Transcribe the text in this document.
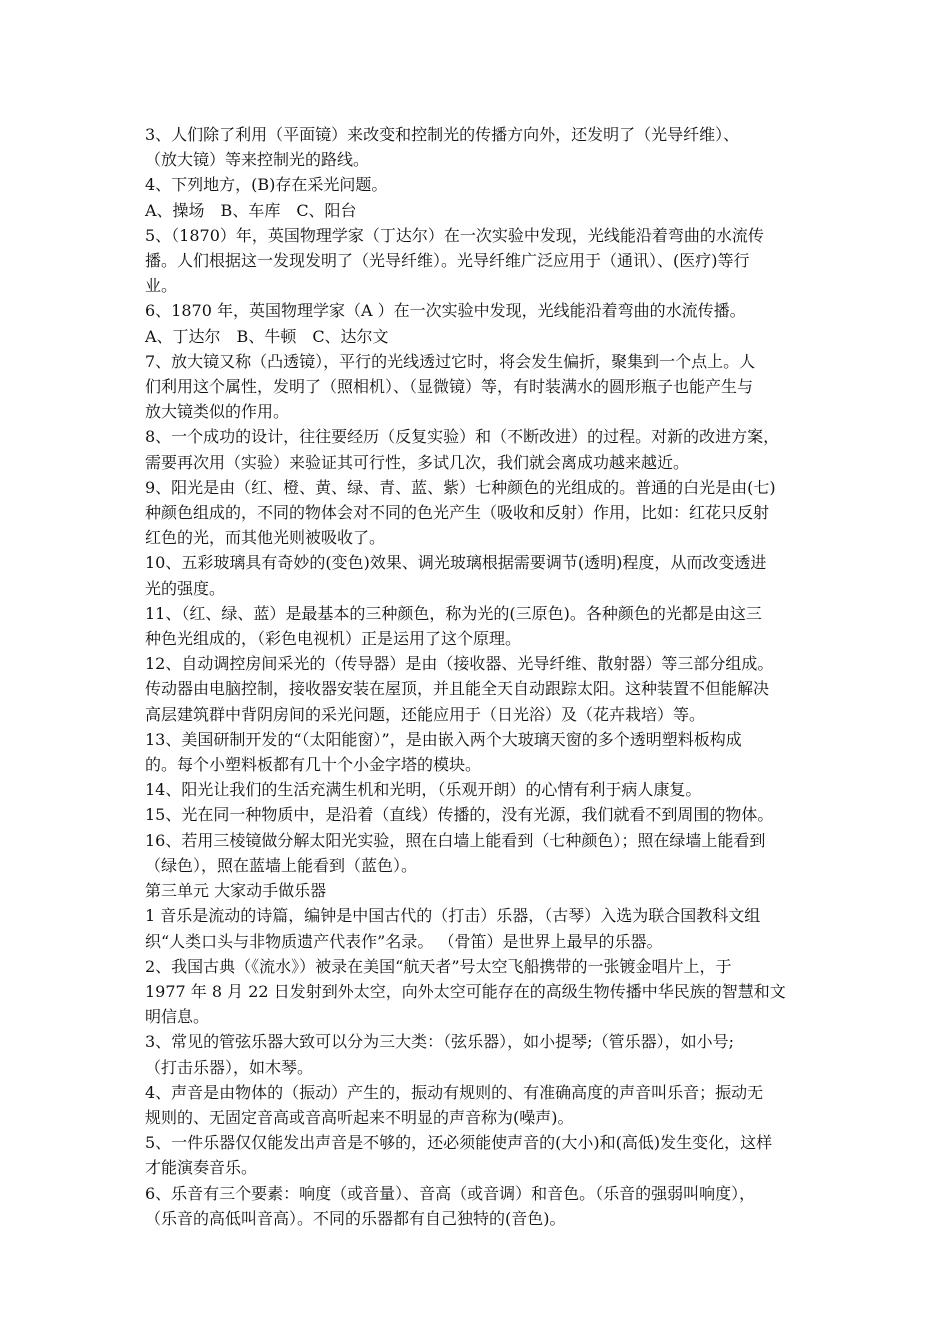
3、人们除了利用（平面镜）来改变和控制光的传播方向外，还发明了（光导纤维）、
（放大镜）等来控制光的路线。
4、下列地方，(B)存在采光问题。
A、操场　B、车库　C、阳台
5、（1870）年，英国物理学家（丁达尔）在一次实验中发现，光线能沿着弯曲的水流传
播。人们根据这一发现发明了（光导纤维）。光导纤维广泛应用于（通讯）、(医疗)等行
业。
6、1870 年，英国物理学家（A ）在一次实验中发现，光线能沿着弯曲的水流传播。
A、丁达尔　B、牛顿　C、达尔文
7、放大镜又称（凸透镜），平行的光线透过它时，将会发生偏折，聚集到一个点上。人
们利用这个属性，发明了（照相机）、（显微镜）等，有时装满水的圆形瓶子也能产生与
放大镜类似的作用。
8、一个成功的设计，往往要经历（反复实验）和（不断改进）的过程。对新的改进方案，
需要再次用（实验）来验证其可行性，多试几次，我们就会离成功越来越近。
9、阳光是由（红、橙、黄、绿、青、蓝、紫）七种颜色的光组成的。普通的白光是由(七)
种颜色组成的，不同的物体会对不同的色光产生（吸收和反射）作用，比如：红花只反射
红色的光，而其他光则被吸收了。
10、五彩玻璃具有奇妙的(变色)效果、调光玻璃根据需要调节(透明)程度，从而改变透进
光的强度。
11、（红、绿、蓝）是最基本的三种颜色，称为光的(三原色)。各种颜色的光都是由这三
种色光组成的，（彩色电视机）正是运用了这个原理。
12、自动调控房间采光的（传导器）是由（接收器、光导纤维、散射器）等三部分组成。
传动器由电脑控制，接收器安装在屋顶，并且能全天自动跟踪太阳。这种装置不但能解决
高层建筑群中背阴房间的采光问题，还能应用于（日光浴）及（花卉栽培）等。
13、美国研制开发的“（太阳能窗）”，是由嵌入两个大玻璃天窗的多个透明塑料板构成
的。每个小塑料板都有几十个小金字塔的模块。
14、阳光让我们的生活充满生机和光明，（乐观开朗）的心情有利于病人康复。
15、光在同一种物质中，是沿着（直线）传播的，没有光源，我们就看不到周围的物体。
16、若用三棱镜做分解太阳光实验，照在白墙上能看到（七种颜色）；照在绿墙上能看到
（绿色），照在蓝墙上能看到（蓝色）。
第三单元 大家动手做乐器
1 音乐是流动的诗篇，编钟是中国古代的（打击）乐器，（古琴）入选为联合国教科文组
织“人类口头与非物质遗产代表作”名录。 （骨笛）是世界上最早的乐器。
2、我国古典（《流水》）被录在美国“航天者”号太空飞船携带的一张镀金唱片上，于
1977 年 8 月 22 日发射到外太空，向外太空可能存在的高级生物传播中华民族的智慧和文
明信息。
3、常见的管弦乐器大致可以分为三大类：（弦乐器），如小提琴;（管乐器），如小号;
（打击乐器），如木琴。
4、声音是由物体的（振动）产生的，振动有规则的、有准确高度的声音叫乐音；振动无
规则的、无固定音高或音高听起来不明显的声音称为(噪声)。
5、一件乐器仅仅能发出声音是不够的，还必须能使声音的(大小)和(高低)发生变化，这样
才能演奏音乐。
6、乐音有三个要素：响度（或音量）、音高（或音调）和音色。（乐音的强弱叫响度），
（乐音的高低叫音高）。不同的乐器都有自己独特的(音色)。
